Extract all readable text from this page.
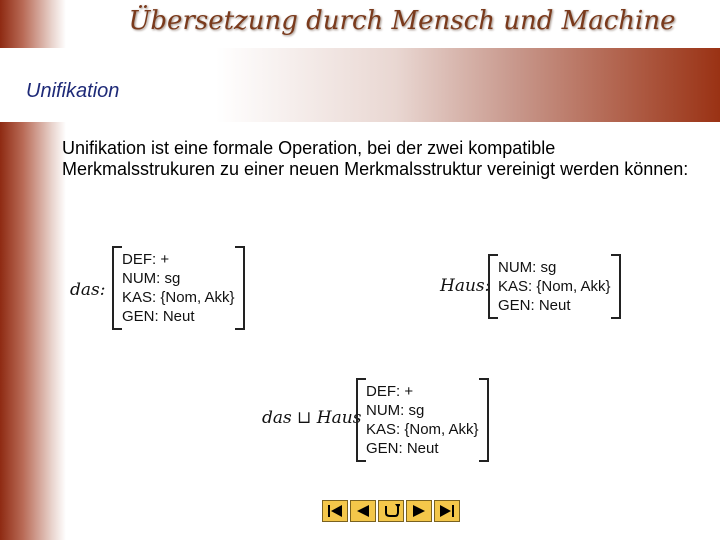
Übersetzung durch Mensch und Machine
Unifikation
Unifikation ist eine formale Operation, bei der zwei kompatible Merkmalsstrukuren zu einer neuen Merkmalsstruktur vereinigt werden können:
das:
DEF: +
NUM: sg
KAS: {Nom, Akk}
GEN: Neut
Haus:
NUM: sg
KAS: {Nom, Akk}
GEN: Neut
das ⊔ Haus
DEF: +
NUM: sg
KAS: {Nom, Akk}
GEN: Neut
